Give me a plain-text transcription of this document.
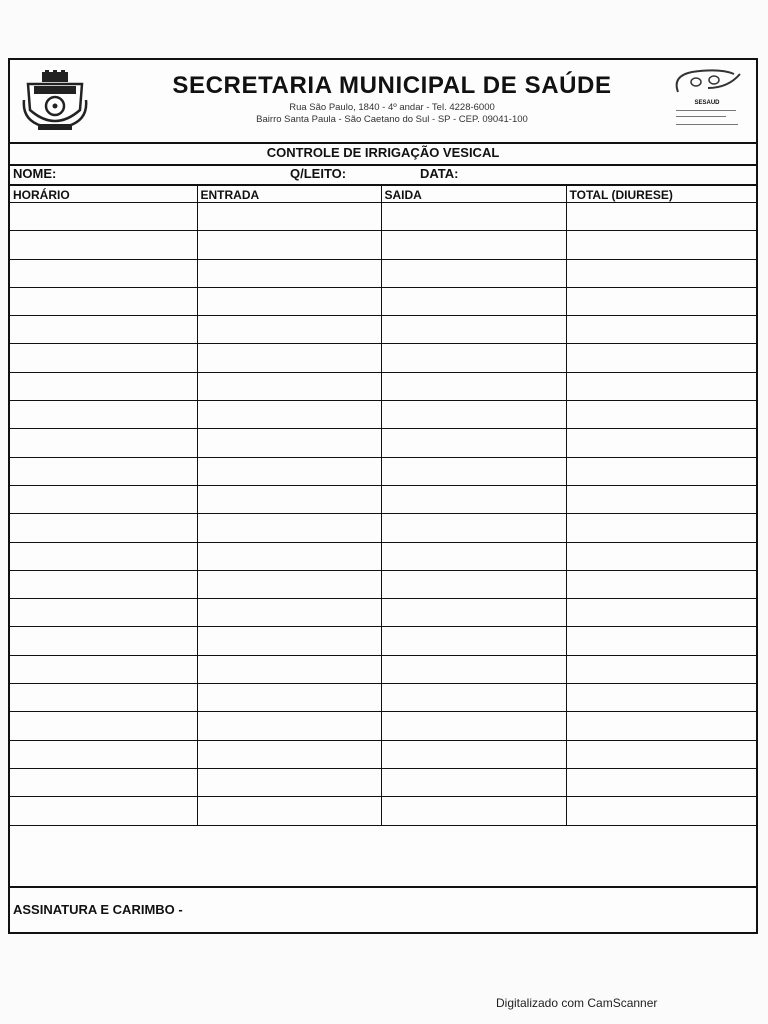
SECRETARIA MUNICIPAL DE SAÚDE
Rua São Paulo, 1840 - 4º andar - Tel. 4228-6000
Bairro Santa Paula - São Caetano do Sul - SP - CEP. 09041-100
SESAUD
CONTROLE DE IRRIGAÇÃO VESICAL
NOME:	Q/LEITO:	DATA:
HORÁRIO	ENTRADA	SAIDA	TOTAL (DIURESE)

ASSINATURA E CARIMBO -
Digitalizado com CamScanner
